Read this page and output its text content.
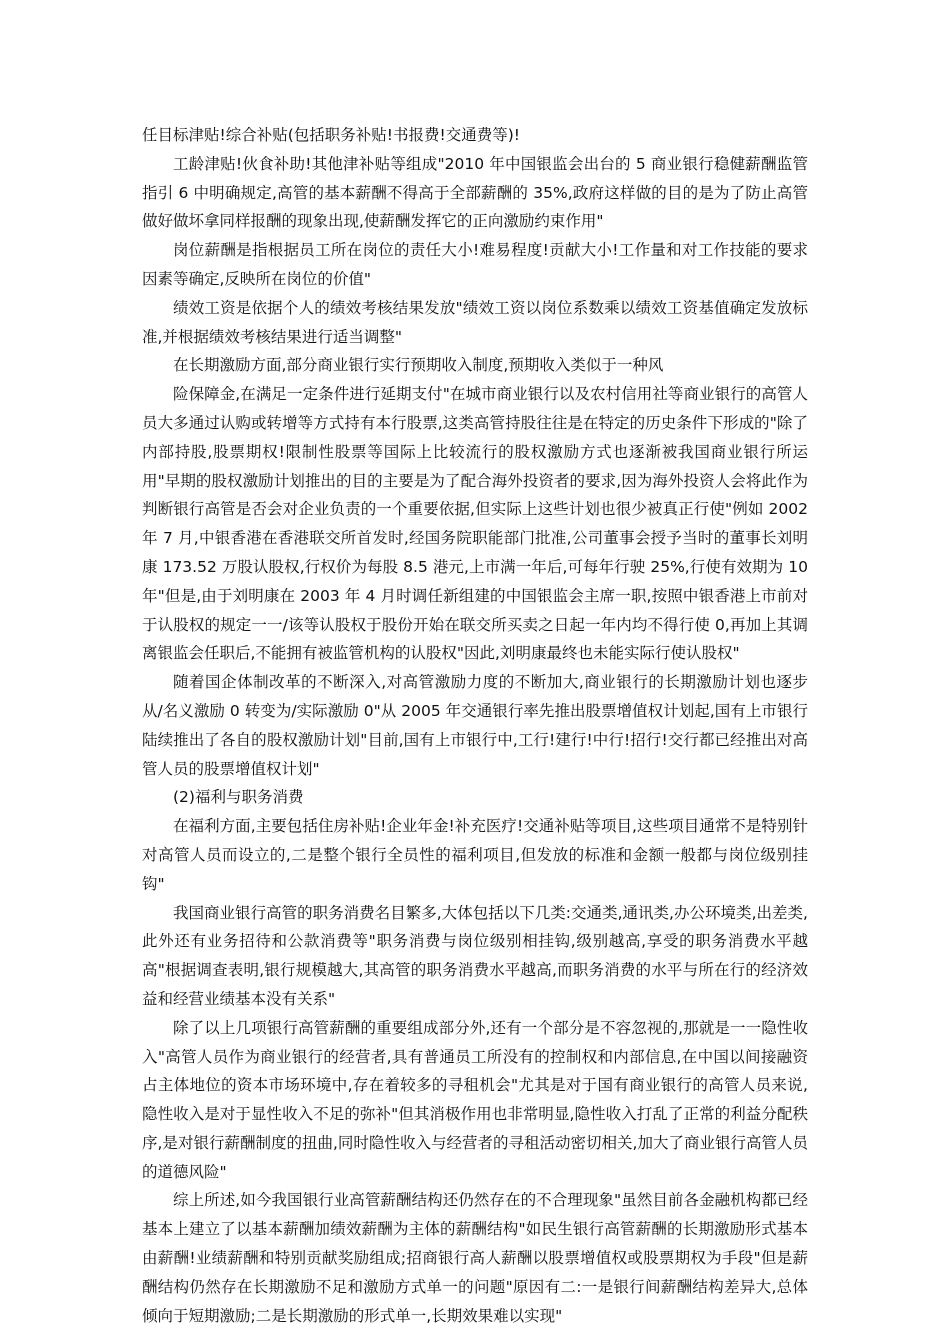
任目标津贴!综合补贴(包括职务补贴!书报费!交通费等)!

工龄津贴!伙食补助!其他津补贴等组成"2010 年中国银监会出台的 5 商业银行稳健薪酬监管指引 6 中明确规定,高管的基本薪酬不得高于全部薪酬的 35%,政府这样做的目的是为了防止高管做好做坏拿同样报酬的现象出现,使薪酬发挥它的正向激励约束作用"

岗位薪酬是指根据员工所在岗位的责任大小!难易程度!贡献大小!工作量和对工作技能的要求因素等确定,反映所在岗位的价值"

绩效工资是依据个人的绩效考核结果发放"绩效工资以岗位系数乘以绩效工资基值确定发放标准,并根据绩效考核结果进行适当调整"

在长期激励方面,部分商业银行实行预期收入制度,预期收入类似于一种风

险保障金,在满足一定条件进行延期支付"在城市商业银行以及农村信用社等商业银行的高管人员大多通过认购或转增等方式持有本行股票,这类高管持股往往是在特定的历史条件下形成的"除了内部持股,股票期权!限制性股票等国际上比较流行的股权激励方式也逐渐被我国商业银行所运用"早期的股权激励计划推出的目的主要是为了配合海外投资者的要求,因为海外投资人会将此作为判断银行高管是否会对企业负责的一个重要依据,但实际上这些计划也很少被真正行使"例如 2002 年 7 月,中银香港在香港联交所首发时,经国务院职能部门批准,公司董事会授予当时的董事长刘明康 173.52 万股认股权,行权价为每股 8.5 港元,上市满一年后,可每年行驶 25%,行使有效期为 10 年"但是,由于刘明康在 2003 年 4 月时调任新组建的中国银监会主席一职,按照中银香港上市前对于认股权的规定一一/该等认股权于股份开始在联交所买卖之日起一年内均不得行使 0,再加上其调离银监会任职后,不能拥有被监管机构的认股权"因此,刘明康最终也未能实际行使认股权"

随着国企体制改革的不断深入,对高管激励力度的不断加大,商业银行的长期激励计划也逐步从/名义激励 0 转变为/实际激励 0"从 2005 年交通银行率先推出股票增值权计划起,国有上市银行陆续推出了各自的股权激励计划"目前,国有上市银行中,工行!建行!中行!招行!交行都已经推出对高管人员的股票增值权计划"

(2)福利与职务消费

在福利方面,主要包括住房补贴!企业年金!补充医疗!交通补贴等项目,这些项目通常不是特别针对高管人员而设立的,二是整个银行全员性的福利项目,但发放的标准和金额一般都与岗位级别挂钩"

我国商业银行高管的职务消费名目繁多,大体包括以下几类:交通类,通讯类,办公环境类,出差类,此外还有业务招待和公款消费等"职务消费与岗位级别相挂钩,级别越高,享受的职务消费水平越高"根据调查表明,银行规模越大,其高管的职务消费水平越高,而职务消费的水平与所在行的经济效益和经营业绩基本没有关系"

除了以上几项银行高管薪酬的重要组成部分外,还有一个部分是不容忽视的,那就是一一隐性收入"高管人员作为商业银行的经营者,具有普通员工所没有的控制权和内部信息,在中国以间接融资占主体地位的资本市场环境中,存在着较多的寻租机会"尤其是对于国有商业银行的高管人员来说,隐性收入是对于显性收入不足的弥补"但其消极作用也非常明显,隐性收入打乱了正常的利益分配秩序,是对银行薪酬制度的扭曲,同时隐性收入与经营者的寻租活动密切相关,加大了商业银行高管人员的道德风险"

综上所述,如今我国银行业高管薪酬结构还仍然存在的不合理现象"虽然目前各金融机构都已经基本上建立了以基本薪酬加绩效薪酬为主体的薪酬结构"如民生银行高管薪酬的长期激励形式基本由薪酬!业绩薪酬和特别贡献奖励组成;招商银行高人薪酬以股票增值权或股票期权为手段"但是薪酬结构仍然存在长期激励不足和激励方式单一的问题"原因有二:一是银行间薪酬结构差异大,总体倾向于短期激励;二是长期激励的形式单一,长期效果难以实现"
